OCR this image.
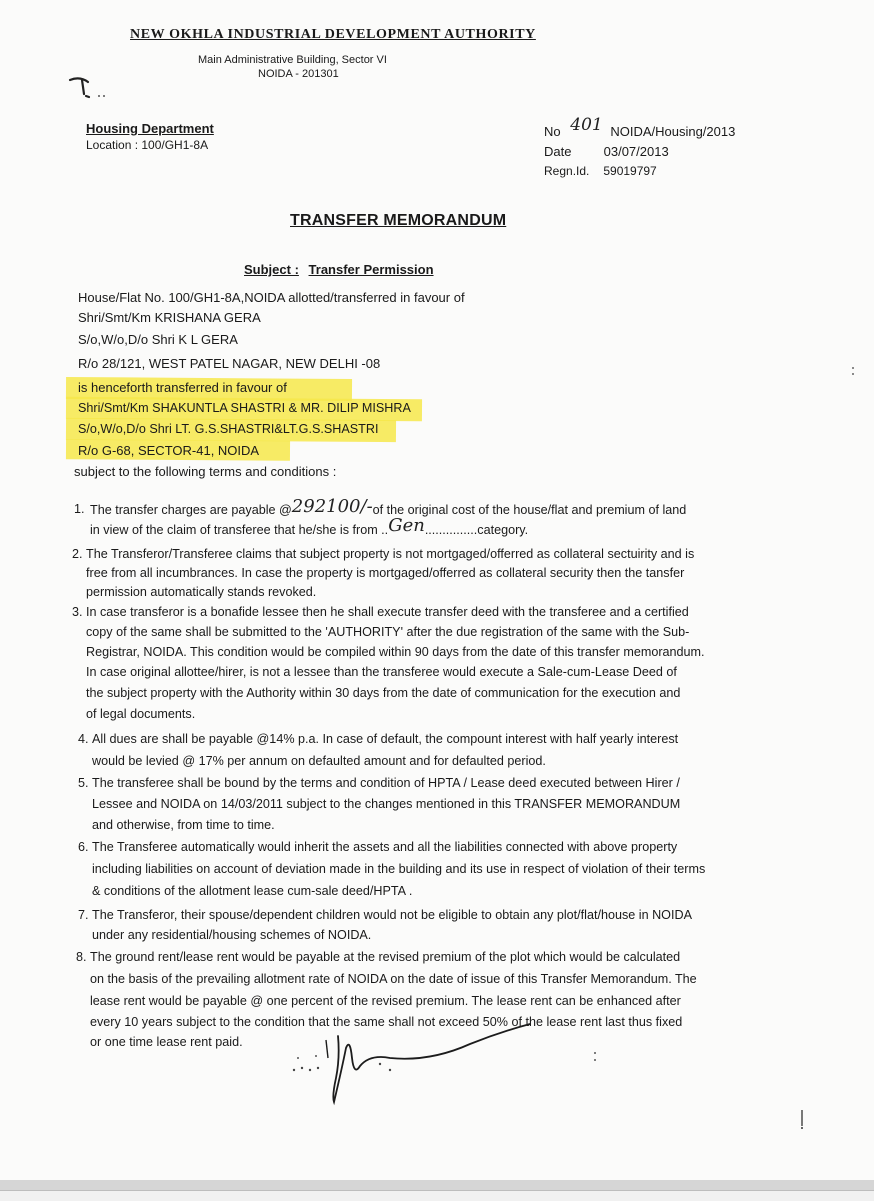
NEW OKHLA INDUSTRIAL DEVELOPMENT AUTHORITY
Main Administrative Building, Sector VI
NOIDA - 201301
Housing Department
Location : 100/GH1-8A
No 401 NOIDA/Housing/2013
Date 03/07/2013
Regn.Id. 59019797
TRANSFER MEMORANDUM
Subject : Transfer Permission
House/Flat No. 100/GH1-8A,NOIDA allotted/transferred in favour of
Shri/Smt/Km KRISHANA GERA
S/o,W/o,D/o Shri K L GERA
R/o 28/121, WEST PATEL NAGAR, NEW DELHI -08
is henceforth transferred in favour of
Shri/Smt/Km SHAKUNTLA SHASTRI & MR. DILIP MISHRA
S/o,W/o,D/o Shri LT. G.S.SHASTRI&LT.G.S.SHASTRI
R/o G-68, SECTOR-41, NOIDA
subject to the following terms and conditions :
1. The transfer charges are payable @292100/-of the original cost of the house/flat and premium of land
in view of the claim of transferee that he/she is from ..Gen...............category.
2. The Transferor/Transferee claims that subject property is not mortgaged/offerred as collateral sectuirity and is
free from all incumbrances. In case the property is mortgaged/offerred as collateral security then the tansfer
permission automatically stands revoked.
3. In case transferor is a bonafide lessee then he shall execute transfer deed with the transferee and a certified
copy of the same shall be submitted to the 'AUTHORITY' after the due registration of the same with the Sub-
Registrar, NOIDA. This condition would be compiled within 90 days from the date of this transfer memorandum.
In case original allottee/hirer, is not a lessee than the transferee would execute a Sale-cum-Lease Deed of
the subject property with the Authority within 30 days from the date of communication for the execution and
of legal documents.
4. All dues are shall be payable @14% p.a. In case of default, the compount interest with half yearly interest
would be levied @ 17% per annum on defaulted amount and for defaulted period.
5. The transferee shall be bound by the terms and condition of HPTA / Lease deed executed between Hirer /
Lessee and NOIDA on 14/03/2011 subject to the changes mentioned in this TRANSFER MEMORANDUM
and otherwise, from time to time.
6. The Transferee automatically would inherit the assets and all the liabilities connected with above property
including liabilities on account of deviation made in the building and its use in respect of violation of their terms
& conditions of the allotment lease cum-sale deed/HPTA .
7. The Transferor, their spouse/dependent children would not be eligible to obtain any plot/flat/house in NOIDA
under any residential/housing schemes of NOIDA.
8. The ground rent/lease rent would be payable at the revised premium of the plot which would be calculated
on the basis of the prevailing allotment rate of NOIDA on the date of issue of this Transfer Memorandum. The
lease rent would be payable @ one percent of the revised premium. The lease rent can be enhanced after
every 10 years subject to the condition that the same shall not exceed 50% of the lease rent last thus fixed
or one time lease rent paid.
